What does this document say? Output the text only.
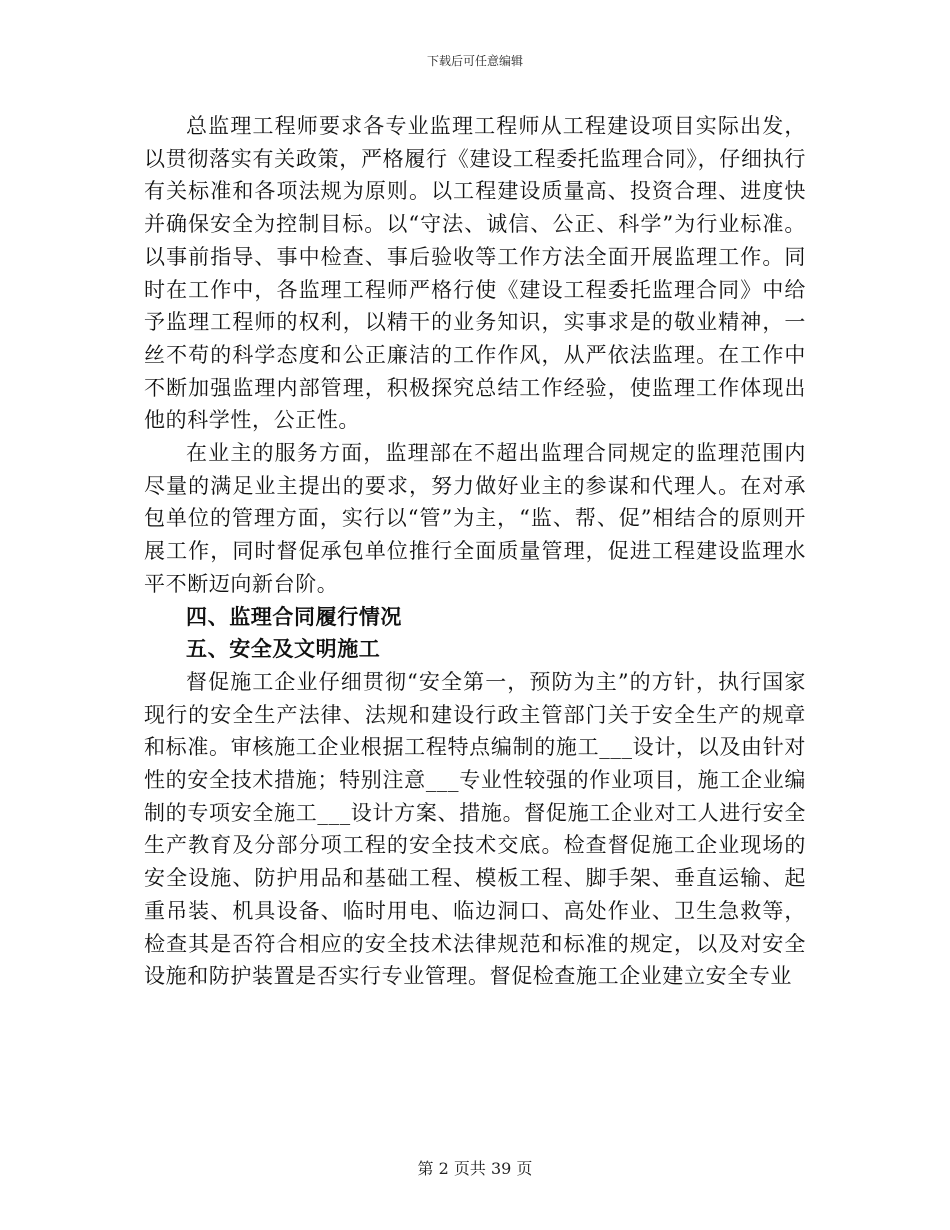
下载后可任意编辑

总监理工程师要求各专业监理工程师从工程建设项目实际出发，以贯彻落实有关政策，严格履行《建设工程委托监理合同》，仔细执行有关标准和各项法规为原则。以工程建设质量高、投资合理、进度快并确保安全为控制目标。以“守法、诚信、公正、科学”为行业标准。以事前指导、事中检查、事后验收等工作方法全面开展监理工作。同时在工作中，各监理工程师严格行使《建设工程委托监理合同》中给予监理工程师的权利，以精干的业务知识，实事求是的敬业精神，一丝不苟的科学态度和公正廉洁的工作作风，从严依法监理。在工作中不断加强监理内部管理，积极探究总结工作经验，使监理工作体现出他的科学性，公正性。

在业主的服务方面，监理部在不超出监理合同规定的监理范围内尽量的满足业主提出的要求，努力做好业主的参谋和代理人。在对承包单位的管理方面，实行以“管”为主，“监、帮、促”相结合的原则开展工作，同时督促承包单位推行全面质量管理，促进工程建设监理水平不断迈向新台阶。

四、监理合同履行情况
五、安全及文明施工

督促施工企业仔细贯彻“安全第一，预防为主”的方针，执行国家现行的安全生产法律、法规和建设行政主管部门关于安全生产的规章和标准。审核施工企业根据工程特点编制的施工___设计，以及由针对性的安全技术措施；特别注意___专业性较强的作业项目，施工企业编制的专项安全施工___设计方案、措施。督促施工企业对工人进行安全生产教育及分部分项工程的安全技术交底。检查督促施工企业现场的安全设施、防护用品和基础工程、模板工程、脚手架、垂直运输、起重吊装、机具设备、临时用电、临边洞口、高处作业、卫生急救等，检查其是否符合相应的安全技术法律规范和标准的规定，以及对安全设施和防护装置是否实行专业管理。督促检查施工企业建立安全专业

第 2 页共 39 页
